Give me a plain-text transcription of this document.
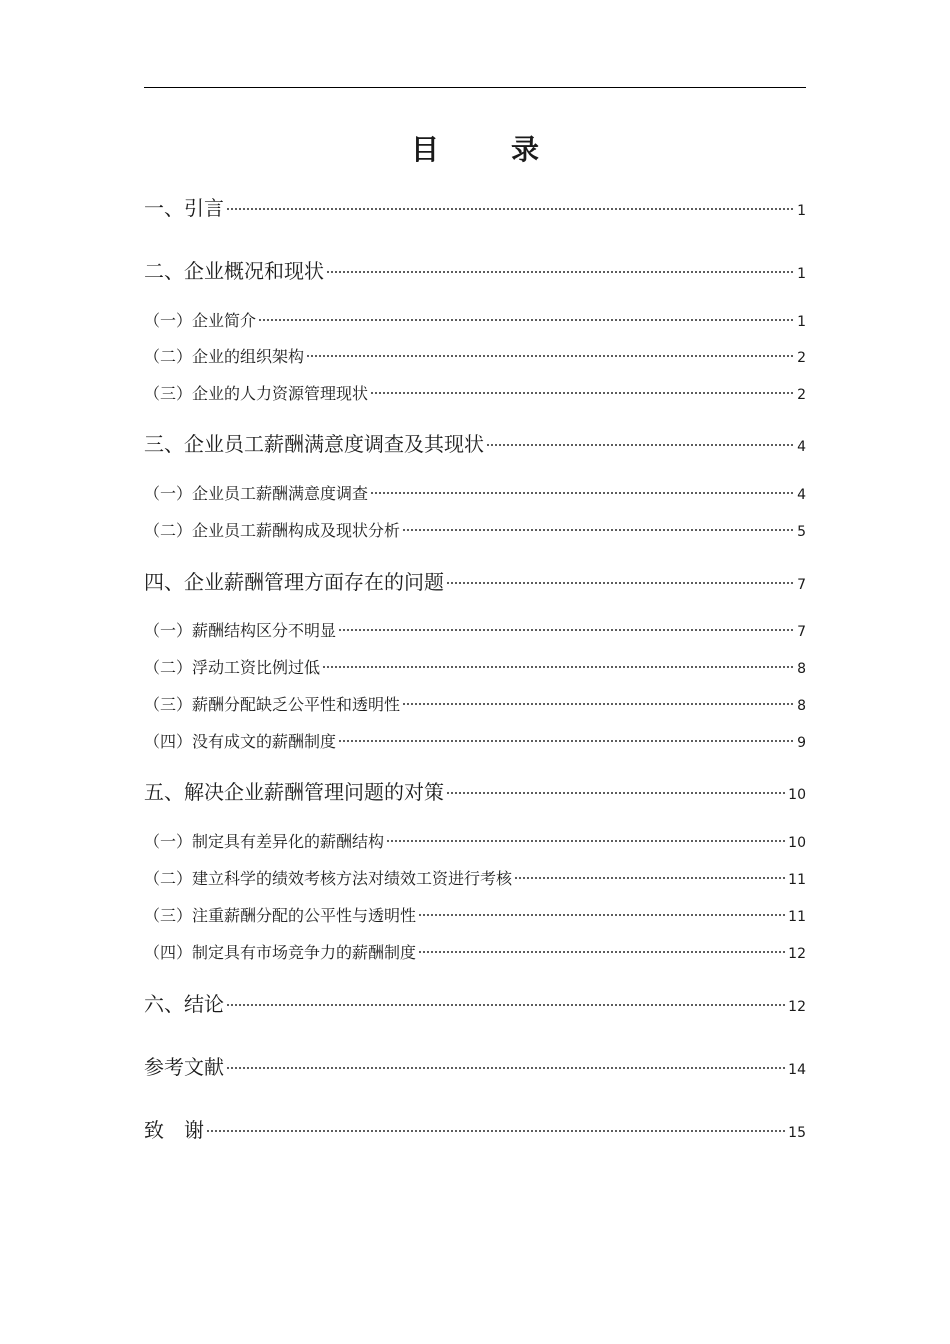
目　录
一、引言	1
二、企业概况和现状	1
（一）企业简介	1
（二）企业的组织架构	2
（三）企业的人力资源管理现状	2
三、企业员工薪酬满意度调查及其现状	4
（一）企业员工薪酬满意度调查	4
（二）企业员工薪酬构成及现状分析	5
四、企业薪酬管理方面存在的问题	7
（一）薪酬结构区分不明显	7
（二）浮动工资比例过低	8
（三）薪酬分配缺乏公平性和透明性	8
（四）没有成文的薪酬制度	9
五、解决企业薪酬管理问题的对策	10
（一）制定具有差异化的薪酬结构	10
（二）建立科学的绩效考核方法对绩效工资进行考核	11
（三）注重薪酬分配的公平性与透明性	11
（四）制定具有市场竞争力的薪酬制度	12
六、结论	12
参考文献	14
致　谢	15
